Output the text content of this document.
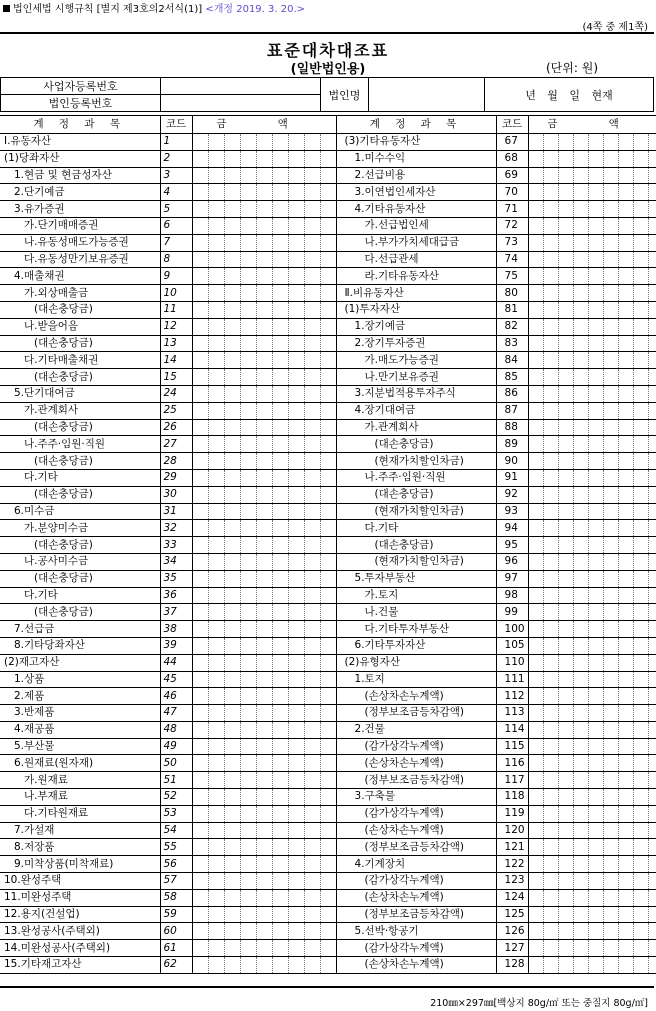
법인세법 시행규칙 [별지 제3호의2서식(1)] <개정 2019. 3. 20.>
(4쪽 중 제1쪽)
표준대차대조표
(일반법인용)	(단위: 원)
사업자등록번호		법인명		년 월 일 현재
법인등록번호				
계 정 과 목	코드	금 액									계 정 과 목	코드	금 액								
Ⅰ.유동자산	1										(3)기타유동자산	67									
(1)당좌자산	2										1.미수수익	68									
1.현금 및 현금성자산	3										2.선급비용	69									
2.단기예금	4										3.이연법인세자산	70									
3.유가증권	5										4.기타유동자산	71									
가.단기매매증권	6										가.선급법인세	72									
나.유동성매도가능증권	7										나.부가가치세대급금	73									
다.유동성만기보유증권	8										다.선급관세	74									
4.매출채권	9										라.기타유동자산	75									
가.외상매출금	10										Ⅱ.비유동자산	80									
(대손충당금)	11										(1)투자자산	81									
나.받을어음	12										1.장기예금	82									
(대손충당금)	13										2.장기투자증권	83									
다.기타매출채권	14										가.매도가능증권	84									
(대손충당금)	15										나.만기보유증권	85									
5.단기대여금	24										3.지분법적용투자주식	86									
가.관계회사	25										4.장기대여금	87									
(대손충당금)	26										가.관계회사	88									
나.주주·임원·직원	27										(대손충당금)	89									
(대손충당금)	28										(현재가치할인차금)	90									
다.기타	29										나.주주·임원·직원	91									
(대손충당금)	30										(대손충당금)	92									
6.미수금	31										(현재가치할인차금)	93									
가.분양미수금	32										다.기타	94									
(대손충당금)	33										(대손충당금)	95									
나.공사미수금	34										(현재가치할인차금)	96									
(대손충당금)	35										5.투자부동산	97									
다.기타	36										가.토지	98									
(대손충당금)	37										나.건물	99									
7.선급금	38										다.기타투자부동산	100									
8.기타당좌자산	39										6.기타투자자산	105									
(2)재고자산	44										(2)유형자산	110									
1.상품	45										1.토지	111									
2.제품	46										(손상차손누계액)	112									
3.반제품	47										(정부보조금등차감액)	113									
4.재공품	48										2.건물	114									
5.부산물	49										(감가상각누계액)	115									
6.원재료(원자재)	50										(손상차손누계액)	116									
가.원재료	51										(정부보조금등차감액)	117									
나.부재료	52										3.구축물	118									
다.기타원재료	53										(감가상각누계액)	119									
7.가설재	54										(손상차손누계액)	120									
8.저장품	55										(정부보조금등차감액)	121									
9.미착상품(미착재료)	56										4.기계장치	122									
10.완성주택	57										(감가상각누계액)	123									
11.미완성주택	58										(손상차손누계액)	124									
12.용지(건설업)	59										(정부보조금등차감액)	125									
13.완성공사(주택외)	60										5.선박·항공기	126									
14.미완성공사(주택외)	61										(감가상각누계액)	127									
15.기타재고자산	62										(손상차손누계액)	128									
210㎜×297㎜[백상지 80g/㎡ 또는 중질지 80g/㎡]
